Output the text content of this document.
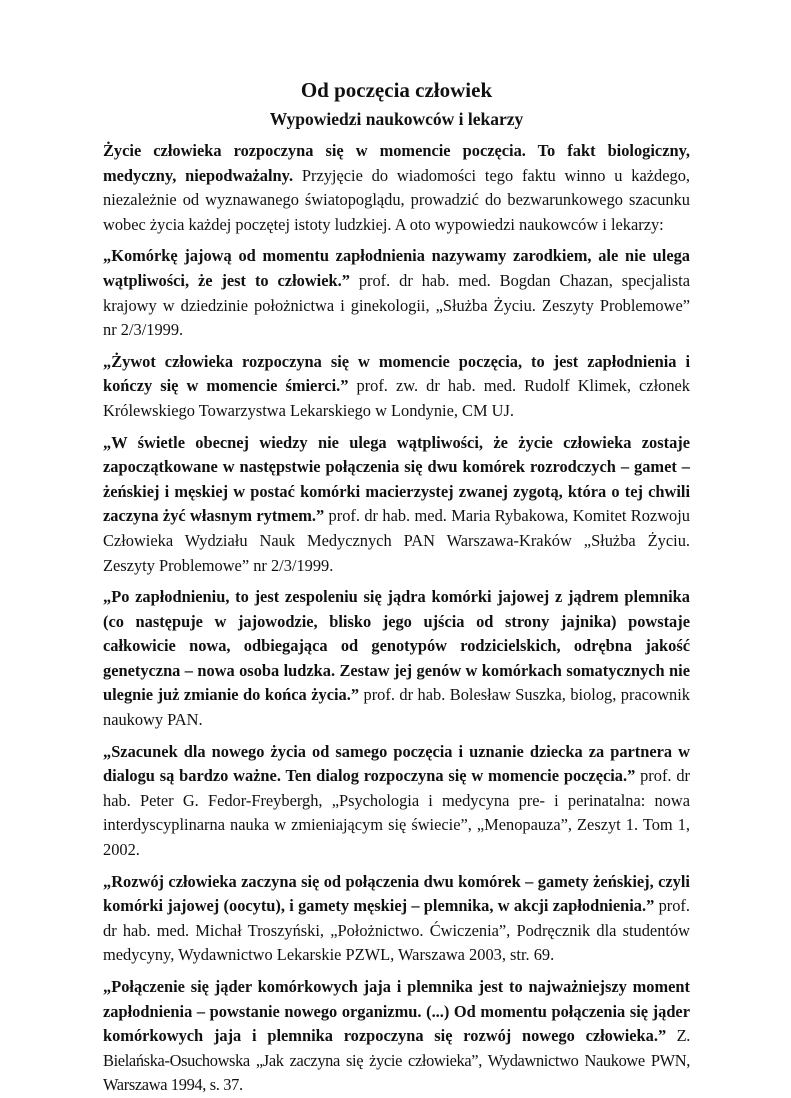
Od poczęcia człowiek
Wypowiedzi naukowców i lekarzy

Życie człowieka rozpoczyna się w momencie poczęcia. To fakt biologiczny, medyczny, niepodważalny. Przyjęcie do wiadomości tego faktu winno u każdego, niezależnie od wyznawanego światopoglądu, prowadzić do bezwarunkowego szacunku wobec życia każdej poczętej istoty ludzkiej. A oto wypowiedzi naukowców i lekarzy:

„Komórkę jajową od momentu zapłodnienia nazywamy zarodkiem, ale nie ulega wątpliwości, że jest to człowiek.” prof. dr hab. med. Bogdan Chazan, specjalista krajowy w dziedzinie położnictwa i ginekologii, „Służba Życiu. Zeszyty Problemowe” nr 2/3/1999.

„Żywot człowieka rozpoczyna się w momencie poczęcia, to jest zapłodnienia i kończy się w momencie śmierci.” prof. zw. dr hab. med. Rudolf Klimek, członek Królewskiego Towarzystwa Lekarskiego w Londynie, CM UJ.

„W świetle obecnej wiedzy nie ulega wątpliwości, że życie człowieka zostaje zapoczątkowane w następstwie połączenia się dwu komórek rozrodczych – gamet – żeńskiej i męskiej w postać komórki macierzystej zwanej zygotą, która o tej chwili zaczyna żyć własnym rytmem.” prof. dr hab. med. Maria Rybakowa, Komitet Rozwoju Człowieka Wydziału Nauk Medycznych PAN Warszawa-Kraków „Służba Życiu. Zeszyty Problemowe” nr 2/3/1999.

„Po zapłodnieniu, to jest zespoleniu się jądra komórki jajowej z jądrem plemnika (co następuje w jajowodzie, blisko jego ujścia od strony jajnika) powstaje całkowicie nowa, odbiegająca od genotypów rodzicielskich, odrębna jakość genetyczna – nowa osoba ludzka. Zestaw jej genów w komórkach somatycznych nie ulegnie już zmianie do końca życia.” prof. dr hab. Bolesław Suszka, biolog, pracownik naukowy PAN.

„Szacunek dla nowego życia od samego poczęcia i uznanie dziecka za partnera w dialogu są bardzo ważne. Ten dialog rozpoczyna się w momencie poczęcia.” prof. dr hab. Peter G. Fedor-Freybergh, „Psychologia i medycyna pre- i perinatalna: nowa interdyscyplinarna nauka w zmieniającym się świecie”, „Menopauza”, Zeszyt 1. Tom 1, 2002.

„Rozwój człowieka zaczyna się od połączenia dwu komórek – gamety żeńskiej, czyli komórki jajowej (oocytu), i gamety męskiej – plemnika, w akcji zapłodnienia.” prof. dr hab. med. Michał Troszyński, „Położnictwo. Ćwiczenia”, Podręcznik dla studentów medycyny, Wydawnictwo Lekarskie PZWL, Warszawa 2003, str. 69.

„Połączenie się jąder komórkowych jaja i plemnika jest to najważniejszy moment zapłodnienia – powstanie nowego organizmu. (...) Od momentu połączenia się jąder komórkowych jaja i plemnika rozpoczyna się rozwój nowego człowieka.” Z. Bielańska-Osuchowska „Jak zaczyna się życie człowieka”, Wydawnictwo Naukowe PWN, Warszawa 1994, s. 37.
